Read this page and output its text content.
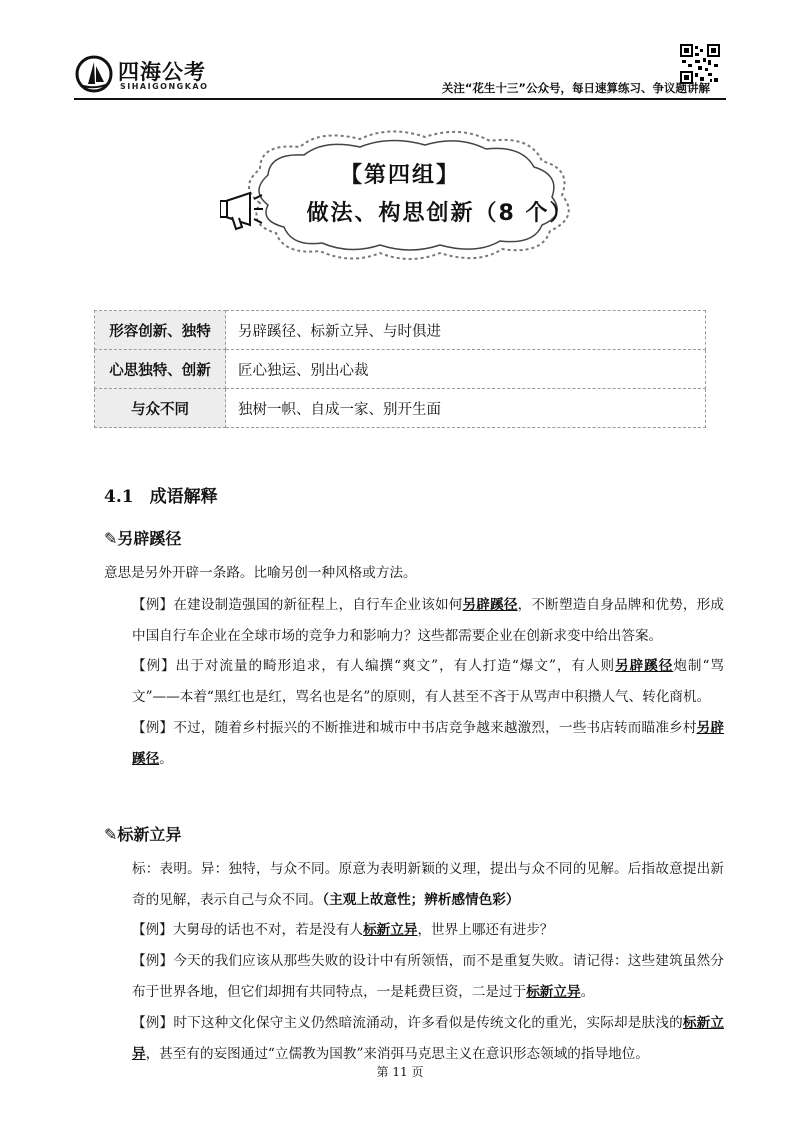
四海公考
SIHAIGONGKAO	关注“花生十三”公众号，每日速算练习、争议题讲解
【第四组】
做法、构思创新（8 个）
形容创新、独特	另辟蹊径、标新立异、与时俱进
心思独特、创新	匠心独运、别出心裁
与众不同	独树一帜、自成一家、别开生面
4.1 成语解释
✎另辟蹊径
意思是另外开辟一条路。比喻另创一种风格或方法。
【例】在建设制造强国的新征程上，自行车企业该如何另辟蹊径，不断塑造自身品牌和优势，形成中国自行车企业在全球市场的竞争力和影响力？这些都需要企业在创新求变中给出答案。
【例】出于对流量的畸形追求，有人编撰“爽文”，有人打造“爆文”，有人则另辟蹊径炮制“骂文”——本着“黑红也是红，骂名也是名”的原则，有人甚至不吝于从骂声中积攒人气、转化商机。
【例】不过，随着乡村振兴的不断推进和城市中书店竞争越来越激烈，一些书店转而瞄准乡村另辟蹊径。
✎标新立异
标：表明。异：独特，与众不同。原意为表明新颖的义理，提出与众不同的见解。后指故意提出新奇的见解，表示自己与众不同。（主观上故意性；辨析感情色彩）
【例】大舅母的话也不对，若是没有人标新立异，世界上哪还有进步？
【例】今天的我们应该从那些失败的设计中有所领悟，而不是重复失败。请记得：这些建筑虽然分布于世界各地，但它们却拥有共同特点，一是耗费巨资，二是过于标新立异。
【例】时下这种文化保守主义仍然暗流涌动，许多看似是传统文化的重光，实际却是肤浅的标新立异，甚至有的妄图通过“立儒教为国教”来消弭马克思主义在意识形态领域的指导地位。
第 11 页
